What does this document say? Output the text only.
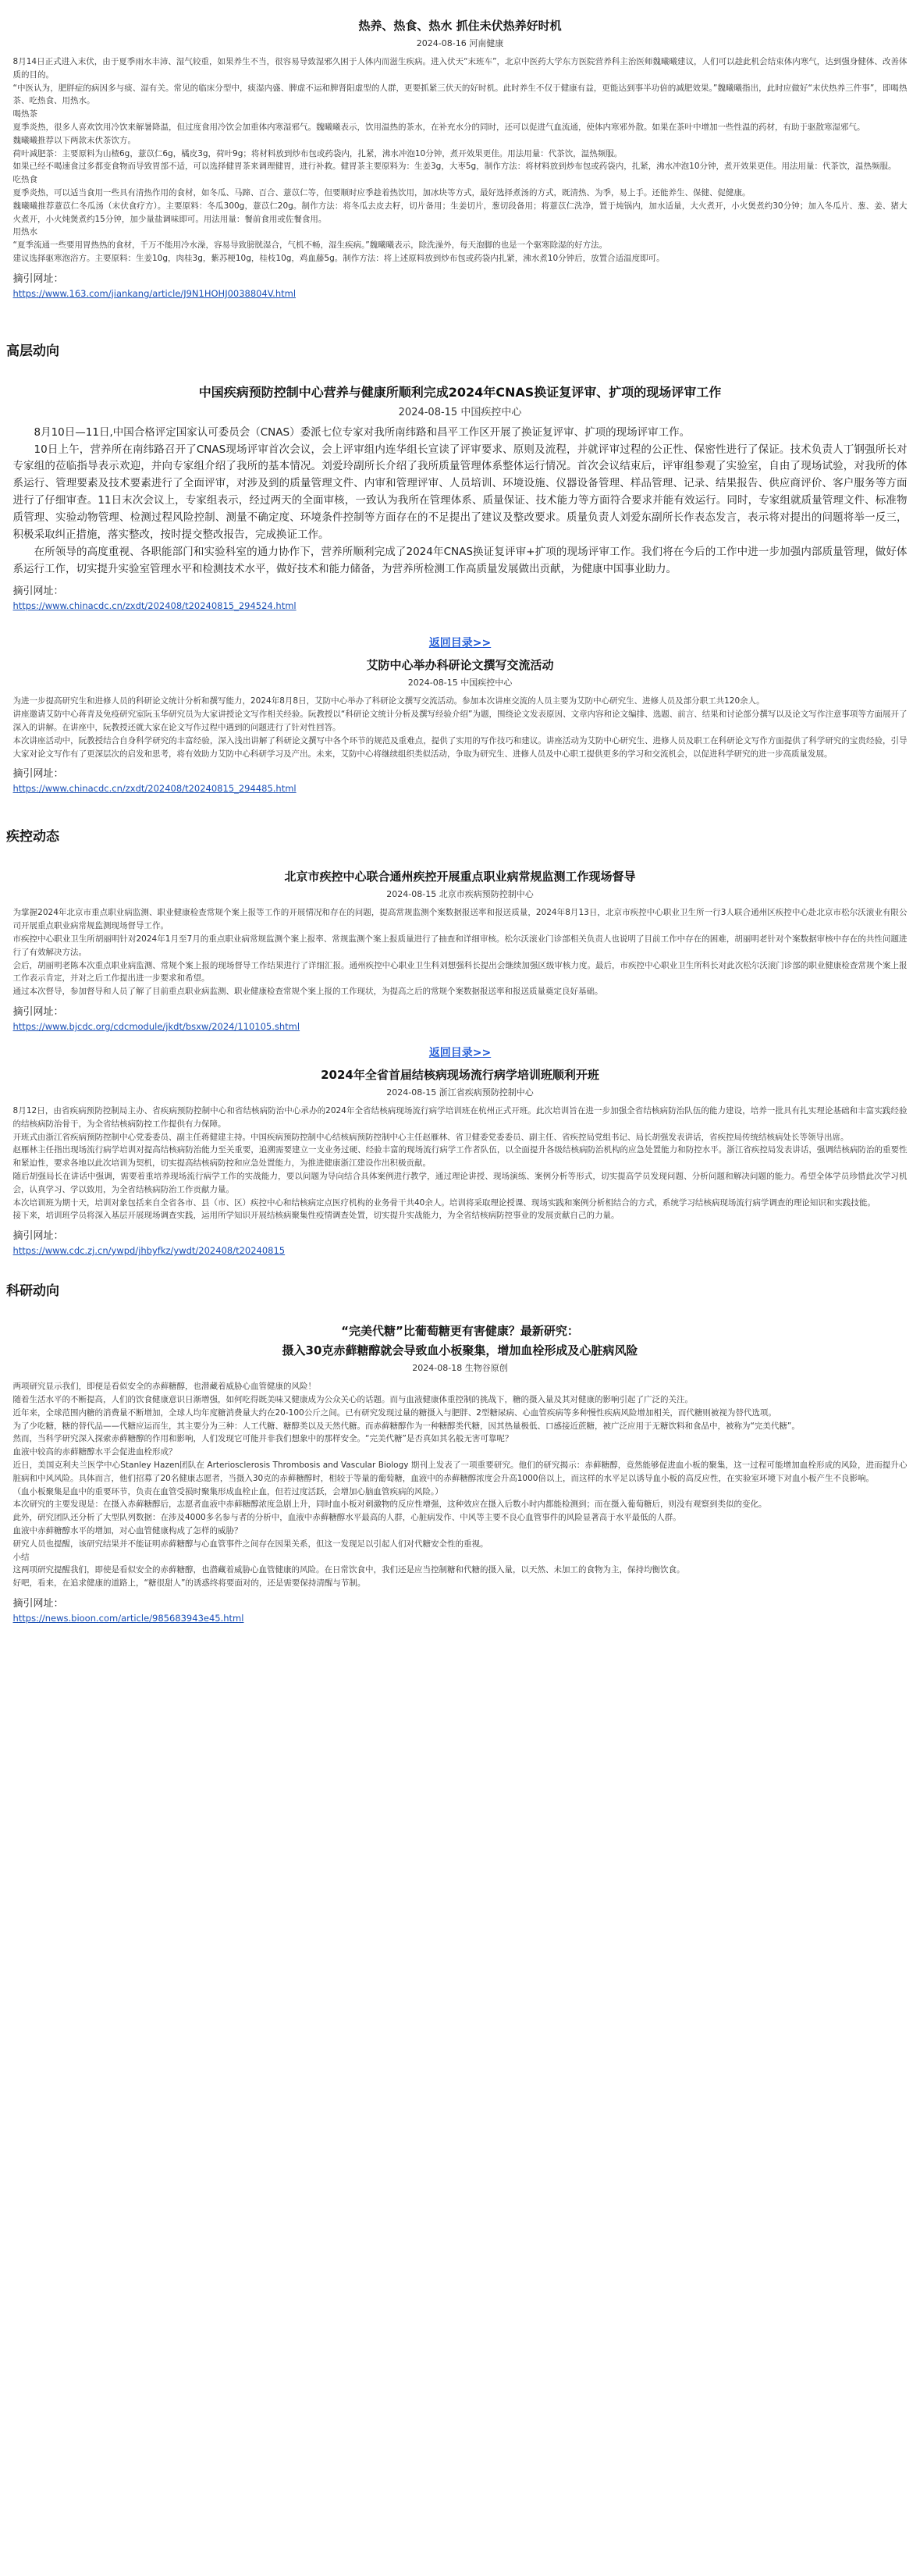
热养、热食、热水 抓住未伏热养好时机
2024-08-16 河南健康

8月14日正式进入末伏，由于夏季雨水丰沛、湿气较重，如果养生不当，很容易导致湿邪久困于人体内而滋生疾病。进入伏天“末班车”，北京中医药大学东方医院营养科主治医师魏曦曦建议，人们可以趁此机会结束体内寒气，达到强身健体、改善体质的目的。

“中医认为，肥胖症的病因多与痰、湿有关。常见的临床分型中，痰湿内盛、脾虚不运和脾肾阳虚型的人群，更要抓紧三伏天的好时机。此时养生不仅于健康有益，更能达到事半功倍的减肥效果。”魏曦曦指出，此时应做好“末伏热养三件事”，即喝热茶、吃热食、用热水。

喝热茶

夏季炎热，很多人喜欢饮用冷饮来解暑降温，但过度食用冷饮会加重体内寒湿邪气。魏曦曦表示，饮用温热的茶水，在补充水分的同时，还可以促进气血流通，使体内寒邪外散。如果在茶叶中增加一些性温的药材，有助于驱散寒湿邪气。

魏曦曦推荐以下两款末伏茶饮方。

荷叶减肥茶：主要原料为山楂6g，薏苡仁6g，橘皮3g，荷叶9g；将材料放到炒布包或药袋内，扎紧，沸水冲泡10分钟，煮开效果更佳。用法用量：代茶饮，温热频服。

如果已经不喝速食过多都变食物而导致胃部不适，可以选择健胃茶来调理健胃，进行补救。健胃茶主要原料为：生姜3g，大枣5g，制作方法：将材料放到炒布包或药袋内，扎紧，沸水冲泡10分钟，煮开效果更佳。用法用量：代茶饮，温热频服。

吃热食

夏季炎热，可以适当食用一些具有清热作用的食材，如冬瓜、马蹄、百合、薏苡仁等，但要顺时应季趁着热饮用，加冰块等方式，最好选择煮汤的方式，既清热、为季，易上手。还能养生、保健、促健康。

魏曦曦推荐薏苡仁冬瓜汤（末伏食疗方）。主要原料：冬瓜300g，薏苡仁20g。制作方法：将冬瓜去皮去籽，切片备用；生姜切片，葱切段备用；将薏苡仁洗净，置于炖锅内，加水适量，大火煮开，小火煲煮约30分钟；加入冬瓜片、葱、姜、猪大火煮开，小火炖煲煮约15分钟，加少量盐调味即可。用法用量：餐前食用或佐餐食用。

用热水

“夏季流通一些要用胃热热的食材，千万不能用冷水澡，容易导致膀胱湿合，气机不畅，湿生疾病。”魏曦曦表示，除洗澡外，每天泡脚的也是一个驱寒除湿的好方法。

建议选择驱寒泡浴方。主要原料：生姜10g，肉桂3g，紫苏梗10g，桂枝10g，鸡血藤5g。制作方法：将上述原料放到炒布包或药袋内扎紧，沸水煮10分钟后，放置合适温度即可。

摘引网址：
https://www.163.com/jiankang/article/J9N1HOHJ0038804V.html
高层动向
中国疾病预防控制中心营养与健康所顺利完成2024年CNAS换证复评审、扩项的现场评审工作
2024-08-15 中国疾控中心

8月10日—11日,中国合格评定国家认可委员会（CNAS）委派七位专家对我所南纬路和昌平工作区开展了换证复评审、扩项的现场评审工作。

10日上午，营养所在南纬路召开了CNAS现场评审首次会议，会上评审组内连华组长宣读了评审要求、原则及流程，并就评审过程的公正性、保密性进行了保证。技术负责人丁钢强所长对专家组的莅临指导表示欢迎，并向专家组介绍了我所的基本情况。刘爱玲副所长介绍了我所质量管理体系整体运行情况。首次会议结束后，评审组参观了实验室，自由了现场试验，对我所的体系运行、管理要素及技术要素进行了全面评审，对涉及到的质量管理文件、内审和管理评审、人员培训、环境设施、仪器设备管理、样品管理、记录、结果报告、供应商评价、客户服务等方面进行了仔细审查。11日末次会议上，专家组表示，经过两天的全面审核，一致认为我所在管理体系、质量保证、技术能力等方面符合要求并能有效运行。同时，专家组就质量管理文件、标准物质管理、实验动物管理、检测过程风险控制、测量不确定度、环境条件控制等方面存在的不足提出了建议及整改要求。质量负责人刘爱东副所长作表态发言，表示将对提出的问题将举一反三，积极采取纠正措施，落实整改，按时提交整改报告，完成换证工作。

在所领导的高度重视、各职能部门和实验科室的通力协作下，营养所顺利完成了2024年CNAS换证复评审+扩项的现场评审工作。我们将在今后的工作中进一步加强内部质量管理，做好体系运行工作，切实提升实验室管理水平和检测技术水平，做好技术和能力储备，为营养所检测工作高质量发展做出贡献，为健康中国事业助力。

摘引网址：
https://www.chinacdc.cn/zxdt/202408/t20240815_294524.html
返回目录>>
艾防中心举办科研论文撰写交流活动
2024-08-15 中国疾控中心

为进一步提高研究生和进修人员的科研论文统计分析和撰写能力，2024年8月8日，艾防中心举办了科研论文撰写交流活动。参加本次讲座交流的人员主要为艾防中心研究生、进修人员及部分职工共120余人。

讲座邀请艾防中心蒋青及免疫研究室阮玉华研究员为大家讲授论文写作相关经验。阮教授以“科研论文统计分析及撰写经验介绍”为题，围绕论文发表原因、文章内容和论文编排、选题、前言、结果和讨论部分撰写以及论文写作注意事项等方面展开了深入的讲解。在讲座中，阮教授还就大家在论文写作过程中遇到的问题进行了针对性回答。

本次讲座活动中，阮教授结合自身科学研究的丰富经验，深入浅出讲解了科研论文撰写中各个环节的规范及重难点，提供了实用的写作技巧和建议。讲座活动为艾防中心研究生、进修人员及职工在科研论文写作方面提供了科学研究的宝贵经验，引导大家对论文写作有了更深层次的启发和思考，将有效助力艾防中心科研学习及产出。未来，艾防中心将继续组织类似活动，争取为研究生、进修人员及中心职工提供更多的学习和交流机会，以促进科学研究的进一步高质量发展。

摘引网址：
https://www.chinacdc.cn/zxdt/202408/t20240815_294485.html
疾控动态
北京市疾控中心联合通州疾控开展重点职业病常规监测工作现场督导
2024-08-15 北京市疾病预防控制中心

为掌握2024年北京市重点职业病监测、职业健康检查常规个案上报等工作的开展情况和存在的问题，提高常规监测个案数据报送率和报送质量，2024年8月13日，北京市疾控中心职业卫生所一行3人联合通州区疾控中心赴北京市松尔沃滚业有限公司开展重点职业病常规监测现场督导工作。

市疾控中心职业卫生所胡丽明针对2024年1月至7月的重点职业病常规监测个案上报率、常规监测个案上报质量进行了抽查和详细审核。松尔沃滚业门诊部相关负责人也说明了目前工作中存在的困难，胡丽明老针对个案数据审核中存在的共性问题进行了有效解决方法。

会后，胡丽明老陈本次重点职业病监测、常规个案上报的现场督导工作结果进行了详细汇报。通州疾控中心职业卫生科刘想强科长提出会继续加强区级审核力度。最后，市疾控中心职业卫生所科长对此次松尔沃滚门诊部的职业健康检查常规个案上报工作表示肯定，并对之后工作提出进一步要求和希望。

通过本次督导，参加督导和人员了解了目前重点职业病监测、职业健康检查常规个案上报的工作现状，为提高之后的常规个案数据报送率和报送质量奠定良好基础。

摘引网址：
https://www.bjcdc.org/cdcmodule/jkdt/bsxw/2024/110105.shtml
返回目录>>
2024年全省首届结核病现场流行病学培训班顺利开班
2024-08-15 浙江省疾病预防控制中心

8月12日，由省疾病预防控制局主办、省疾病预防控制中心和省结核病防治中心承办的2024年全省结核病现场流行病学培训班在杭州正式开班。此次培训旨在进一步加强全省结核病防治队伍的能力建设，培养一批具有扎实理论基础和丰富实践经验的结核病防治骨干，为全省结核病防控工作提供有力保障。

开班式由浙江省疾病预防控制中心党委委员、副主任蒋健建主持。中国疾病预防控制中心结核病预防控制中心主任赵雁林、省卫健委党委委员、副主任、省疾控局党组书记、局长胡强发表讲话，省疾控局传统结核病处长等领导出席。

赵雁林主任指出现场流行病学培训对提高结核病防治能力至关重要，追溯需要建立一支业务过硬、经验丰富的现场流行病学工作者队伍，以全面提升各级结核病防治机构的应急处置能力和防控水平。浙江省疾控局发表讲话，强调结核病防治的重要性和紧迫性，要求各地以此次培训为契机，切实提高结核病防控和应急处置能力，为推进健康浙江建设作出积极贡献。

随后胡强局长在讲话中强调，需要着重培养现场流行病学工作的实战能力，要以问题为导向结合具体案例进行教学，通过理论讲授、现场演练、案例分析等形式，切实提高学员发现问题、分析问题和解决问题的能力。希望全体学员珍惜此次学习机会，认真学习、学以致用，为全省结核病防治工作贡献力量。

本次培训班为期十天，培训对象包括来自全省各市、县（市、区）疾控中心和结核病定点医疗机构的业务骨干共40余人。培训将采取理论授课、现场实践和案例分析相结合的方式，系统学习结核病现场流行病学调查的理论知识和实践技能。

接下来，培训班学员将深入基层开展现场调查实践，运用所学知识开展结核病聚集性疫情调查处置，切实提升实战能力，为全省结核病防控事业的发展贡献自己的力量。

摘引网址：
https://www.cdc.zj.cn/ywpd/jhbyfkz/ywdt/202408/t20240815
科研动向
“完美代糖”比葡萄糖更有害健康？最新研究：
摄入30克赤藓糖醇就会导致血小板聚集，增加血栓形成及心脏病风险
2024-08-18 生物谷原创

两项研究显示我们，即便是看似安全的赤藓糖醇，也潜藏着威胁心血管健康的风险！

随着生活水平的不断提高，人们的饮食健康意识日渐增强，如何吃得既美味又健康成为公众关心的话题。而与血液健康体重控制的挑战下，糖的摄入量及其对健康的影响引起了广泛的关注。

近年来，全球范围内糖的消费量不断增加，全球人均年度糖消费量大约在20-100公斤之间。已有研究发现过量的糖摄入与肥胖、2型糖尿病、心血管疾病等多种慢性疾病风险增加相关，而代糖则被视为替代选项。

为了少吃糖，糖的替代品——代糖应运而生，其主要分为三种：人工代糖、糖醇类以及天然代糖。而赤藓糖醇作为一种糖醇类代糖，因其热量极低、口感接近蔗糖，被广泛应用于无糖饮料和食品中，被称为“完美代糖”。

然而，当科学研究深入探索赤藓糖醇的作用和影响，人们发现它可能并非我们想象中的那样安全。“完美代糖”是否真如其名般无害可靠呢？

血液中较高的赤藓糖醇水平会促进血栓形成？

近日，美国克利夫兰医学中心Stanley Hazen团队在 Arteriosclerosis Thrombosis and Vascular Biology 期刊上发表了一项重要研究。他们的研究揭示：赤藓糖醇，竟然能够促进血小板的聚集，这一过程可能增加血栓形成的风险，进而提升心脏病和中风风险。具体而言，他们招募了20名健康志愿者，当摄入30克的赤藓糖醇时，相较于等量的葡萄糖，血液中的赤藓糖醇浓度会升高1000倍以上，而这样的水平足以诱导血小板的高反应性，在实验室环境下对血小板产生不良影响。

（血小板聚集是血中的重要环节，负责在血管受损时聚集形成血栓止血，但若过度活跃，会增加心脑血管疾病的风险。）

本次研究的主要发现是：在摄入赤藓糖醇后，志愿者血液中赤藓糖醇浓度急剧上升，同时血小板对刺激物的反应性增强，这种效应在摄入后数小时内都能检测到；而在摄入葡萄糖后，则没有观察到类似的变化。

此外，研究团队还分析了大型队列数据：在涉及4000多名参与者的分析中，血液中赤藓糖醇水平最高的人群，心脏病发作、中风等主要不良心血管事件的风险显著高于水平最低的人群。

血液中赤藓糖醇水平的增加，对心血管健康构成了怎样的威胁？

研究人员也提醒，该研究结果并不能证明赤藓糖醇与心血管事件之间存在因果关系，但这一发现足以引起人们对代糖安全性的重视。

小结

这两项研究提醒我们，即使是看似安全的赤藓糖醇，也潜藏着威胁心血管健康的风险。在日常饮食中，我们还是应当控制糖和代糖的摄入量，以天然、未加工的食物为主，保持均衡饮食。

好吧，看来，在追求健康的道路上，“糖很甜人”的诱惑终将要面对的，还是需要保持清醒与节制。

摘引网址：
https://news.bioon.com/article/985683943e45.html
